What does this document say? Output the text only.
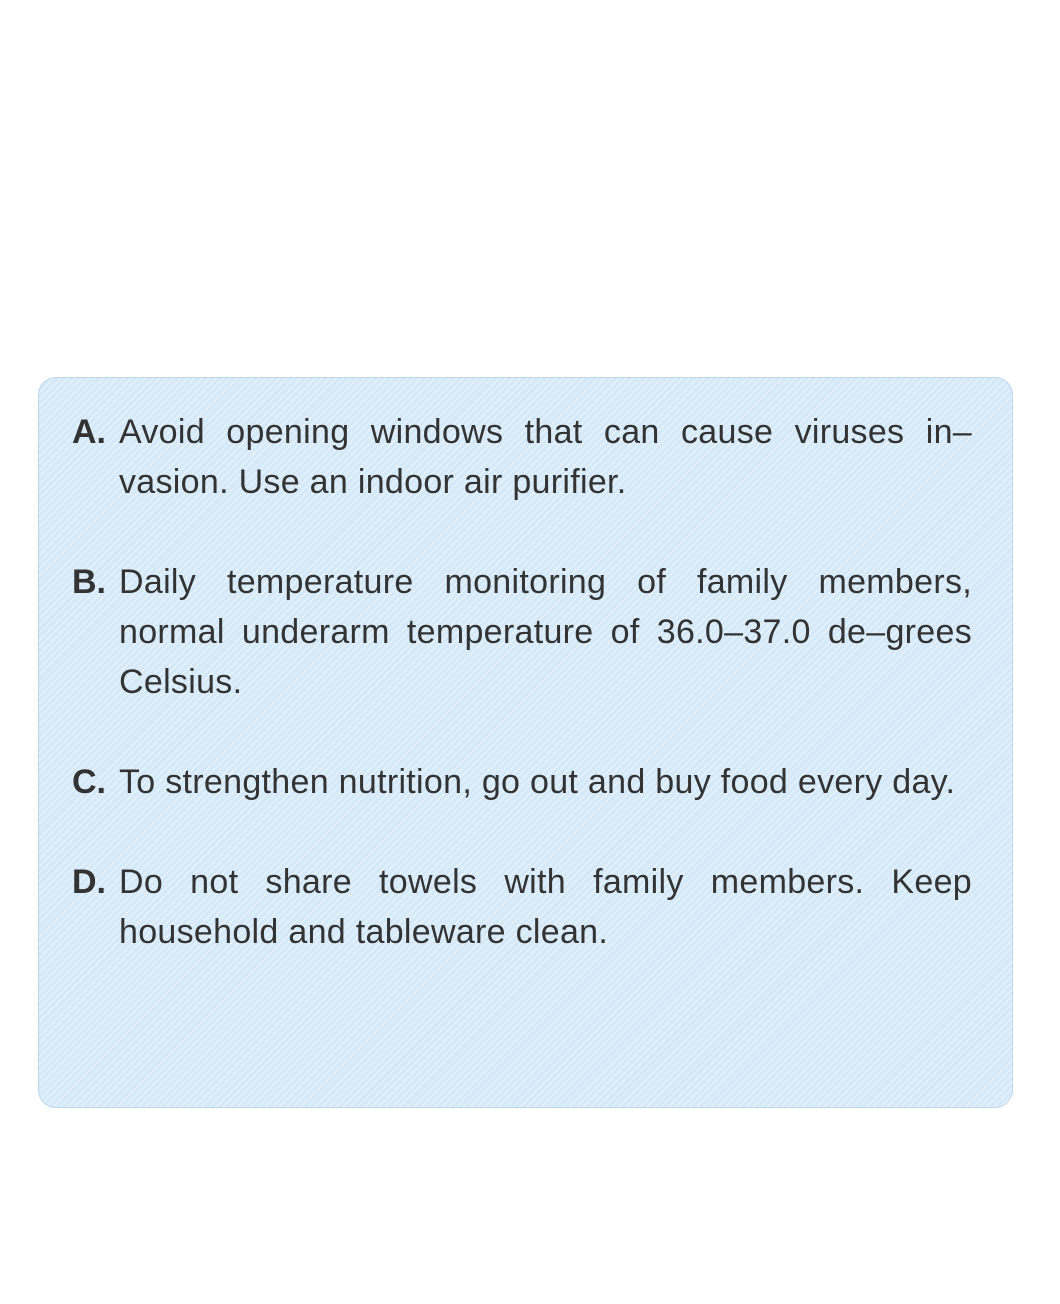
A. Avoid opening windows that can cause viruses in–vasion. Use an indoor air purifier.
B. Daily temperature monitoring of family members, normal underarm temperature of 36.0–37.0 de–grees Celsius.
C. To strengthen nutrition, go out and buy food every day.
D. Do not share towels with family members. Keep household and tableware clean.
